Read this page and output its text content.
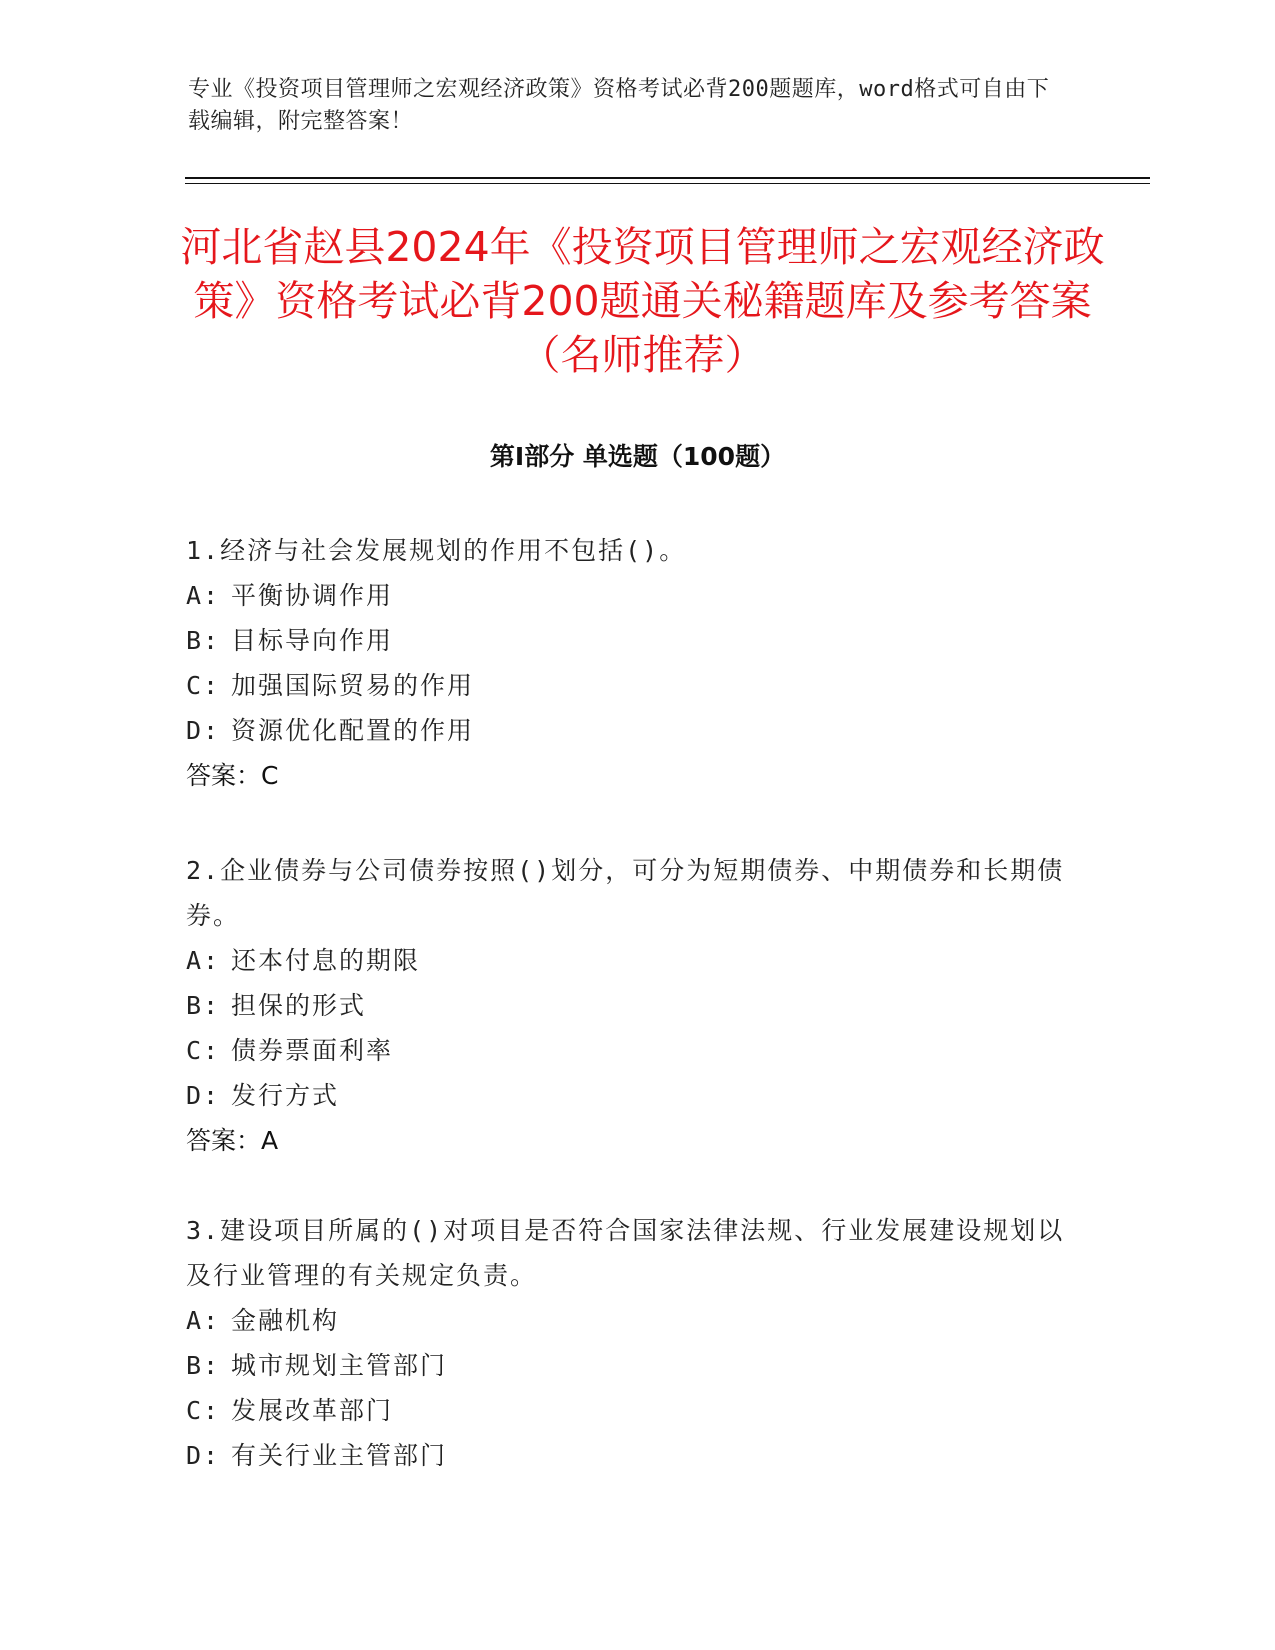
专业《投资项目管理师之宏观经济政策》资格考试必背200题题库，word格式可自由下载编辑，附完整答案！
河北省赵县2024年《投资项目管理师之宏观经济政策》资格考试必背200题通关秘籍题库及参考答案（名师推荐）
第Ⅰ部分 单选题（100题）

1.经济与社会发展规划的作用不包括()。

A: 平衡协调作用

B: 目标导向作用

C: 加强国际贸易的作用

D: 资源优化配置的作用

答案：C

2.企业债券与公司债券按照()划分，可分为短期债券、中期债券和长期债券。

A: 还本付息的期限

B: 担保的形式

C: 债券票面利率

D: 发行方式

答案：A

3.建设项目所属的()对项目是否符合国家法律法规、行业发展建设规划以及行业管理的有关规定负责。

A: 金融机构

B: 城市规划主管部门

C: 发展改革部门

D: 有关行业主管部门
